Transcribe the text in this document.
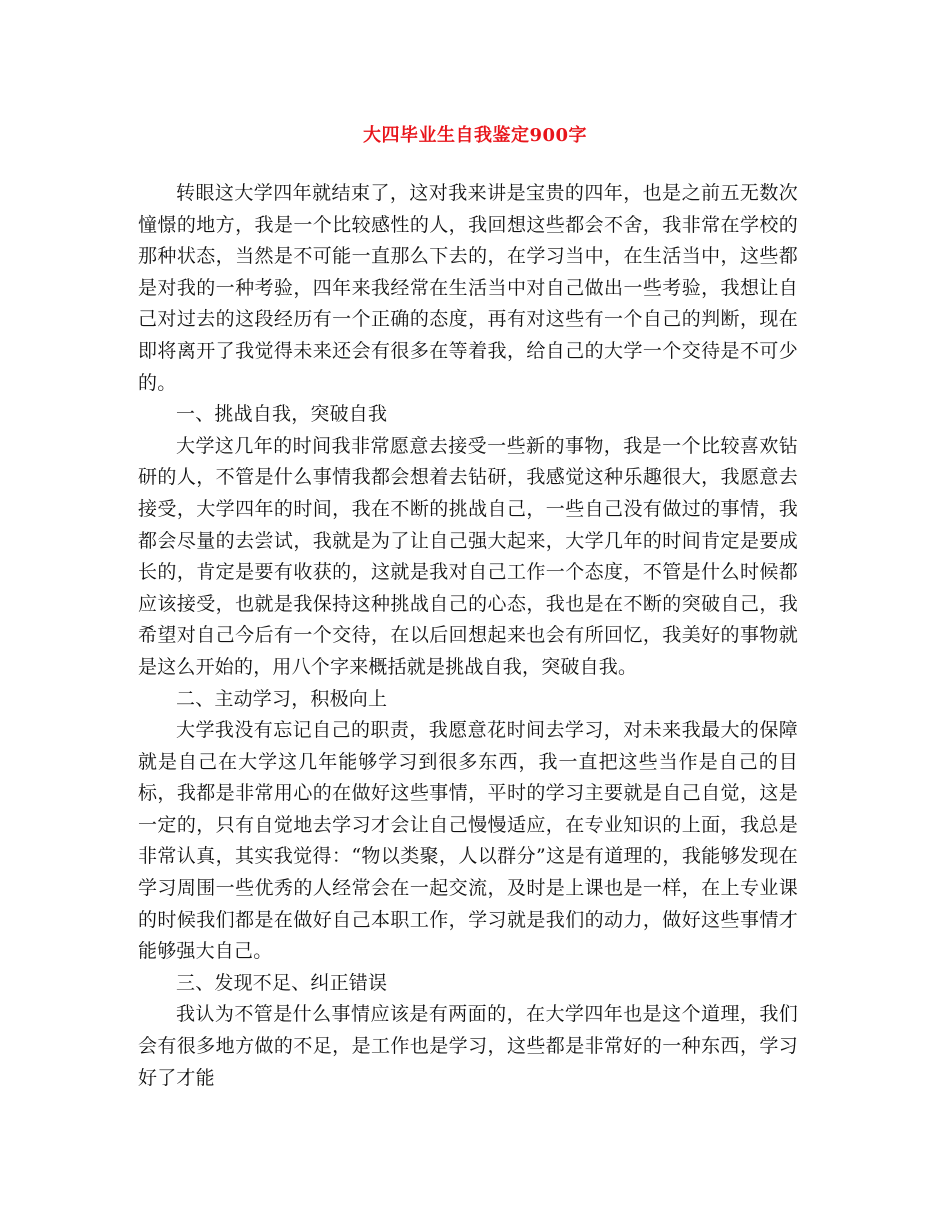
大四毕业生自我鉴定900字

转眼这大学四年就结束了，这对我来讲是宝贵的四年，也是之前五无数次憧憬的地方，我是一个比较感性的人，我回想这些都会不舍，我非常在学校的那种状态，当然是不可能一直那么下去的，在学习当中，在生活当中，这些都是对我的一种考验，四年来我经常在生活当中对自己做出一些考验，我想让自己对过去的这段经历有一个正确的态度，再有对这些有一个自己的判断，现在即将离开了我觉得未来还会有很多在等着我，给自己的大学一个交待是不可少的。

一、挑战自我，突破自我

大学这几年的时间我非常愿意去接受一些新的事物，我是一个比较喜欢钻研的人，不管是什么事情我都会想着去钻研，我感觉这种乐趣很大，我愿意去接受，大学四年的时间，我在不断的挑战自己，一些自己没有做过的事情，我都会尽量的去尝试，我就是为了让自己强大起来，大学几年的时间肯定是要成长的，肯定是要有收获的，这就是我对自己工作一个态度，不管是什么时候都应该接受，也就是我保持这种挑战自己的心态，我也是在不断的突破自己，我希望对自己今后有一个交待，在以后回想起来也会有所回忆，我美好的事物就是这么开始的，用八个字来概括就是挑战自我，突破自我。

二、主动学习，积极向上

大学我没有忘记自己的职责，我愿意花时间去学习，对未来我最大的保障就是自己在大学这几年能够学习到很多东西，我一直把这些当作是自己的目标，我都是非常用心的在做好这些事情，平时的学习主要就是自己自觉，这是一定的，只有自觉地去学习才会让自己慢慢适应，在专业知识的上面，我总是非常认真，其实我觉得：“物以类聚，人以群分”这是有道理的，我能够发现在学习周围一些优秀的人经常会在一起交流，及时是上课也是一样，在上专业课的时候我们都是在做好自己本职工作，学习就是我们的动力，做好这些事情才能够强大自己。

三、发现不足、纠正错误

我认为不管是什么事情应该是有两面的，在大学四年也是这个道理，我们会有很多地方做的不足，是工作也是学习，这些都是非常好的一种东西，学习好了才能
